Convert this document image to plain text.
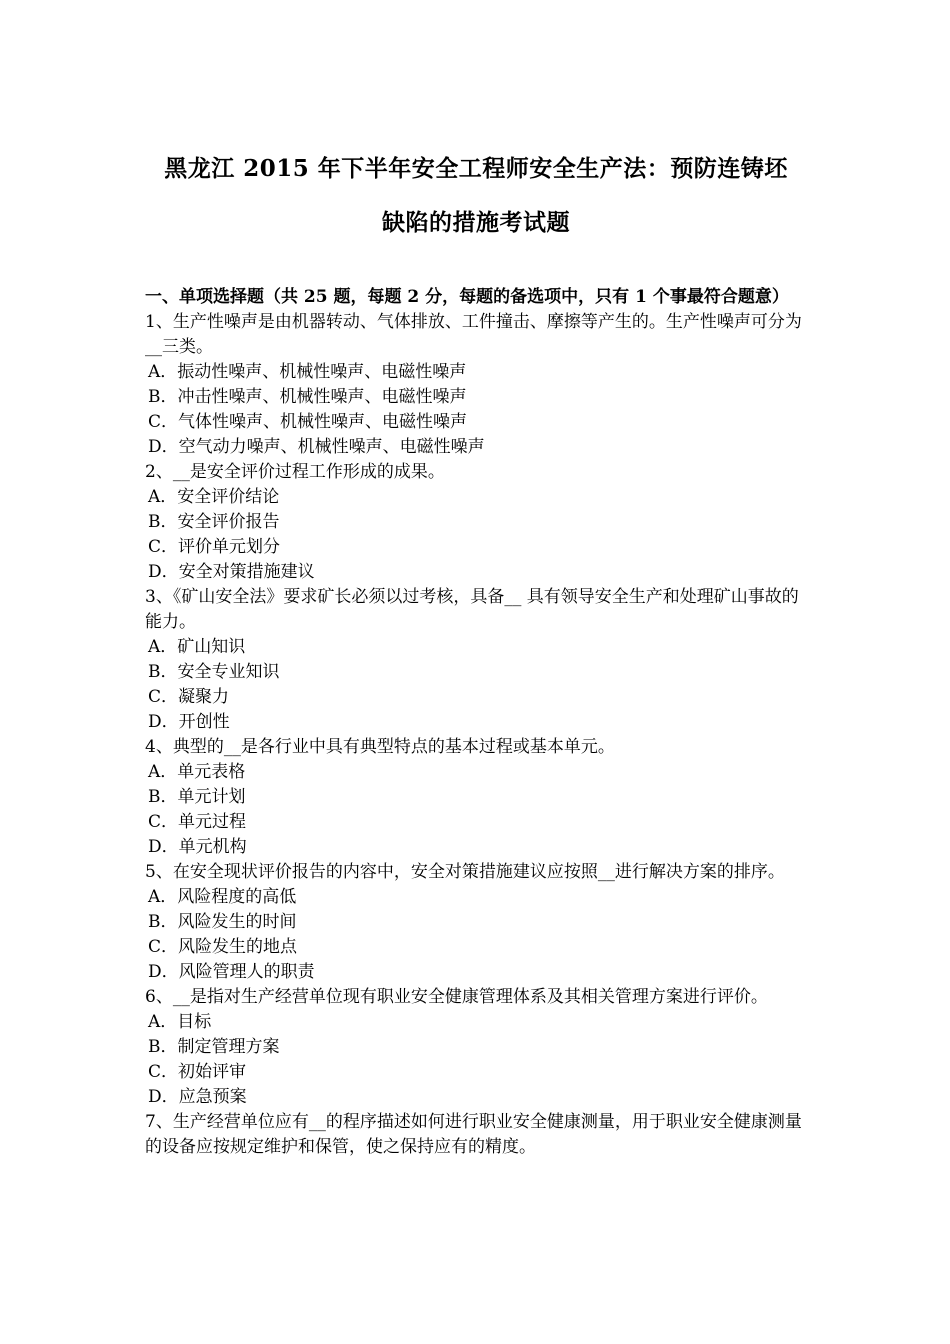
黑龙江 2015 年下半年安全工程师安全生产法：预防连铸坯
缺陷的措施考试题
一、单项选择题（共 25 题，每题 2 分，每题的备选项中，只有 1 个事最符合题意）
1、生产性噪声是由机器转动、气体排放、工件撞击、摩擦等产生的。生产性噪声可分为__三类。
A．振动性噪声、机械性噪声、电磁性噪声
B．冲击性噪声、机械性噪声、电磁性噪声
C．气体性噪声、机械性噪声、电磁性噪声
D．空气动力噪声、机械性噪声、电磁性噪声
2、__是安全评价过程工作形成的成果。
A．安全评价结论
B．安全评价报告
C．评价单元划分
D．安全对策措施建议
3、《矿山安全法》要求矿长必须以过考核，具备__ 具有领导安全生产和处理矿山事故的能力。
A．矿山知识
B．安全专业知识
C．凝聚力
D．开创性
4、典型的__是各行业中具有典型特点的基本过程或基本单元。
A．单元表格
B．单元计划
C．单元过程
D．单元机构
5、在安全现状评价报告的内容中，安全对策措施建议应按照__进行解决方案的排序。
A．风险程度的高低
B．风险发生的时间
C．风险发生的地点
D．风险管理人的职责
6、__是指对生产经营单位现有职业安全健康管理体系及其相关管理方案进行评价。
A．目标
B．制定管理方案
C．初始评审
D．应急预案
7、生产经营单位应有__的程序描述如何进行职业安全健康测量，用于职业安全健康测量的设备应按规定维护和保管，使之保持应有的精度。
